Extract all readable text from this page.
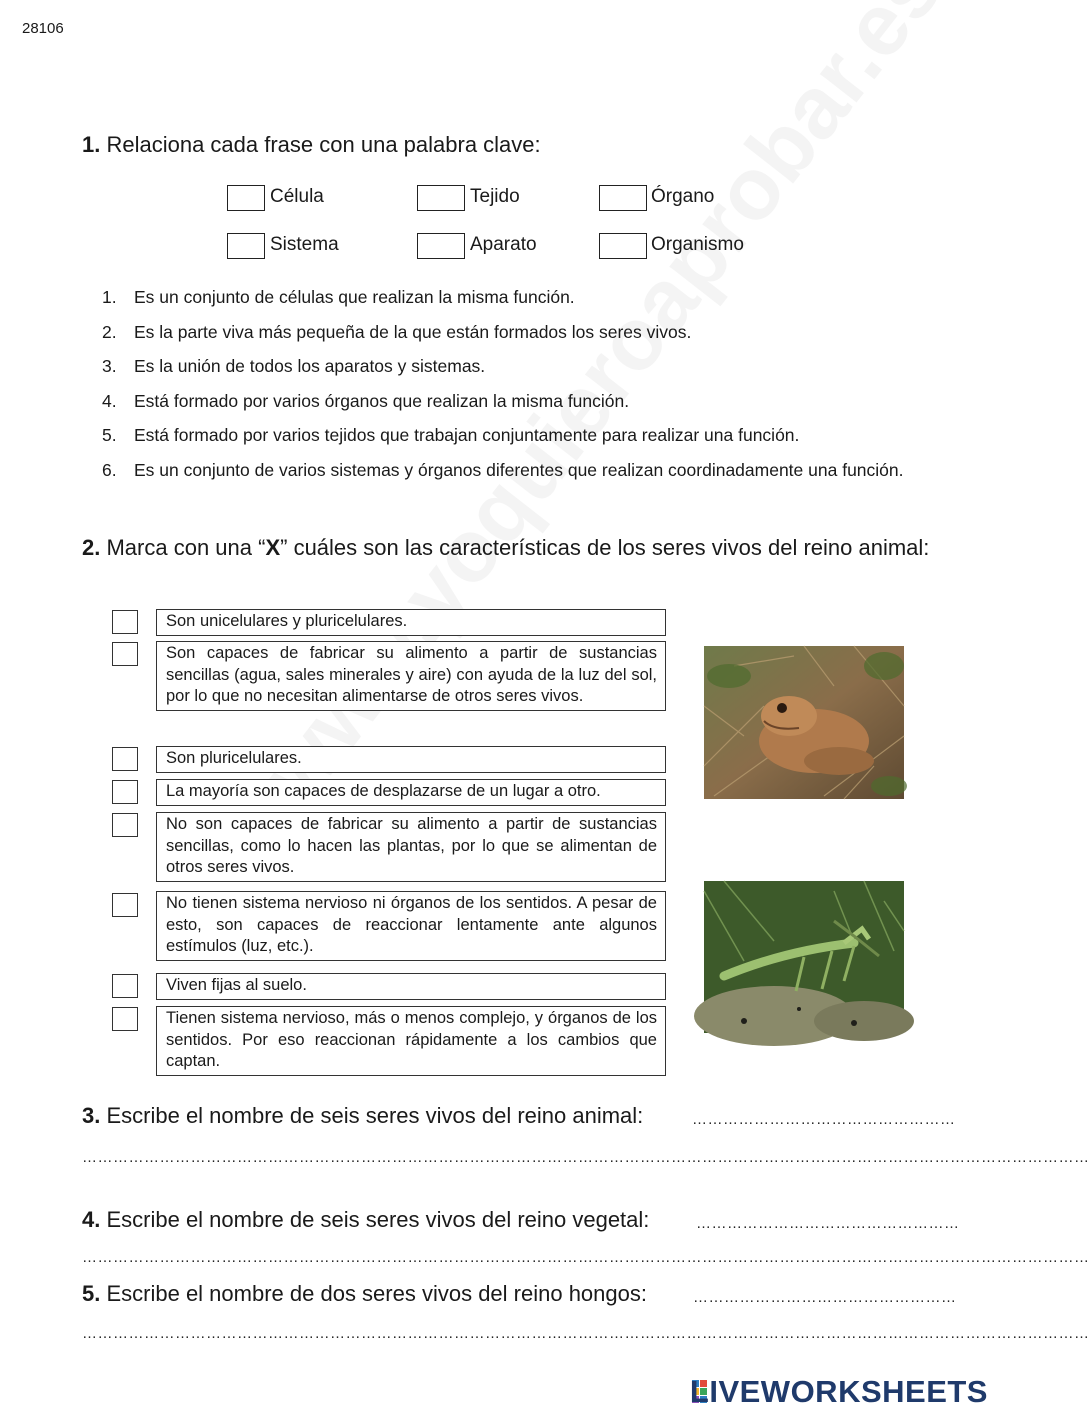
28106
1. Relaciona cada frase con una palabra clave:
Célula	Tejido	Órgano
Sistema	Aparato	Organismo
1. Es un conjunto de células que realizan la misma función.
2. Es la parte viva más pequeña de la que están formados los seres vivos.
3. Es la unión de todos los aparatos y sistemas.
4. Está formado por varios órganos que realizan la misma función.
5. Está formado por varios tejidos que trabajan conjuntamente para realizar una función.
6. Es un conjunto de varios sistemas y órganos diferentes que realizan coordinadamente una función.
2. Marca con una “X” cuáles son las características de los seres vivos del reino animal:
Son unicelulares y pluricelulares.
Son capaces de fabricar su alimento a partir de sustancias sencillas (agua, sales minerales y aire) con ayuda de la luz del sol, por lo que no necesitan alimentarse de otros seres vivos.
Son pluricelulares.
La mayoría son capaces de desplazarse de un lugar a otro.
No son capaces de fabricar su alimento a partir de sustancias sencillas, como lo hacen las plantas, por lo que se alimentan de otros seres vivos.
No tienen sistema nervioso ni órganos de los sentidos. A pesar de esto, son capaces de reaccionar lentamente ante algunos estímulos (luz, etc.).
Viven fijas al suelo.
Tienen sistema nervioso, más o menos complejo, y órganos de los sentidos. Por eso reaccionan rápidamente a los cambios que captan.
3. Escribe el nombre de seis seres vivos del reino animal:	……………………………………………
……………………………………………………………………………………………………………………………………………………………………………
4. Escribe el nombre de seis seres vivos del reino vegetal:	……………………………………………
……………………………………………………………………………………………………………………………………………………………………………
5. Escribe el nombre de dos seres vivos del reino hongos:	……………………………………………
……………………………………………………………………………………………………………………………………………………………………………
LIVEWORKSHEETS
